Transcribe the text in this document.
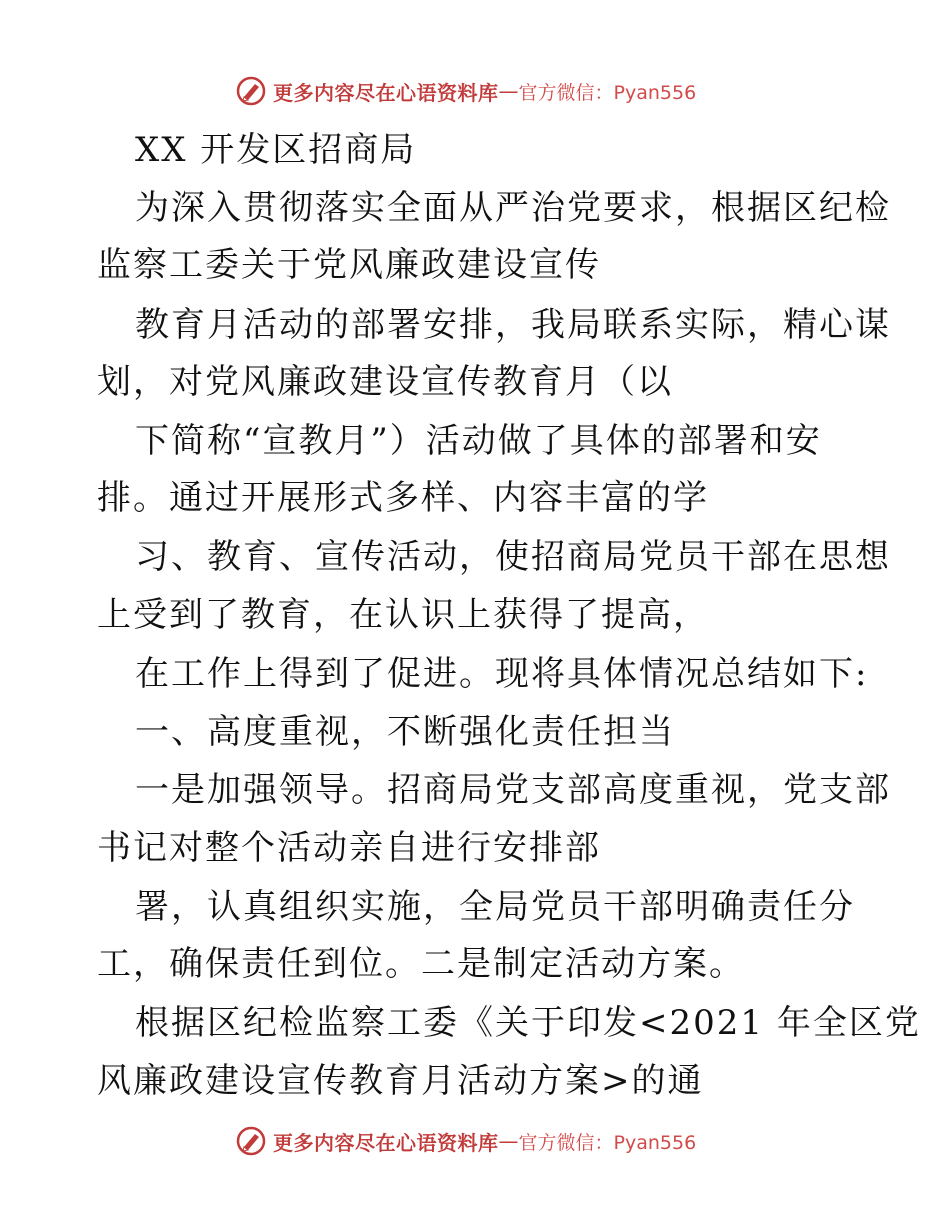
更多内容尽在心语资料库 — 官方微信：Pyan556
XX 开发区招商局
为深入贯彻落实全面从严治党要求，根据区纪检
监察工委关于党风廉政建设宣传
教育月活动的部署安排，我局联系实际，精心谋
划，对党风廉政建设宣传教育月（以
下简称“宣教月”）活动做了具体的部署和安
排。通过开展形式多样、内容丰富的学
习、教育、宣传活动，使招商局党员干部在思想
上受到了教育，在认识上获得了提高，
在工作上得到了促进。现将具体情况总结如下:
一、高度重视，不断强化责任担当
一是加强领导。招商局党支部高度重视，党支部
书记对整个活动亲自进行安排部
署，认真组织实施，全局党员干部明确责任分
工，确保责任到位。二是制定活动方案。
根据区纪检监察工委《关于印发<2021 年全区党
风廉政建设宣传教育月活动方案>的通
更多内容尽在心语资料库 — 官方微信：Pyan556
